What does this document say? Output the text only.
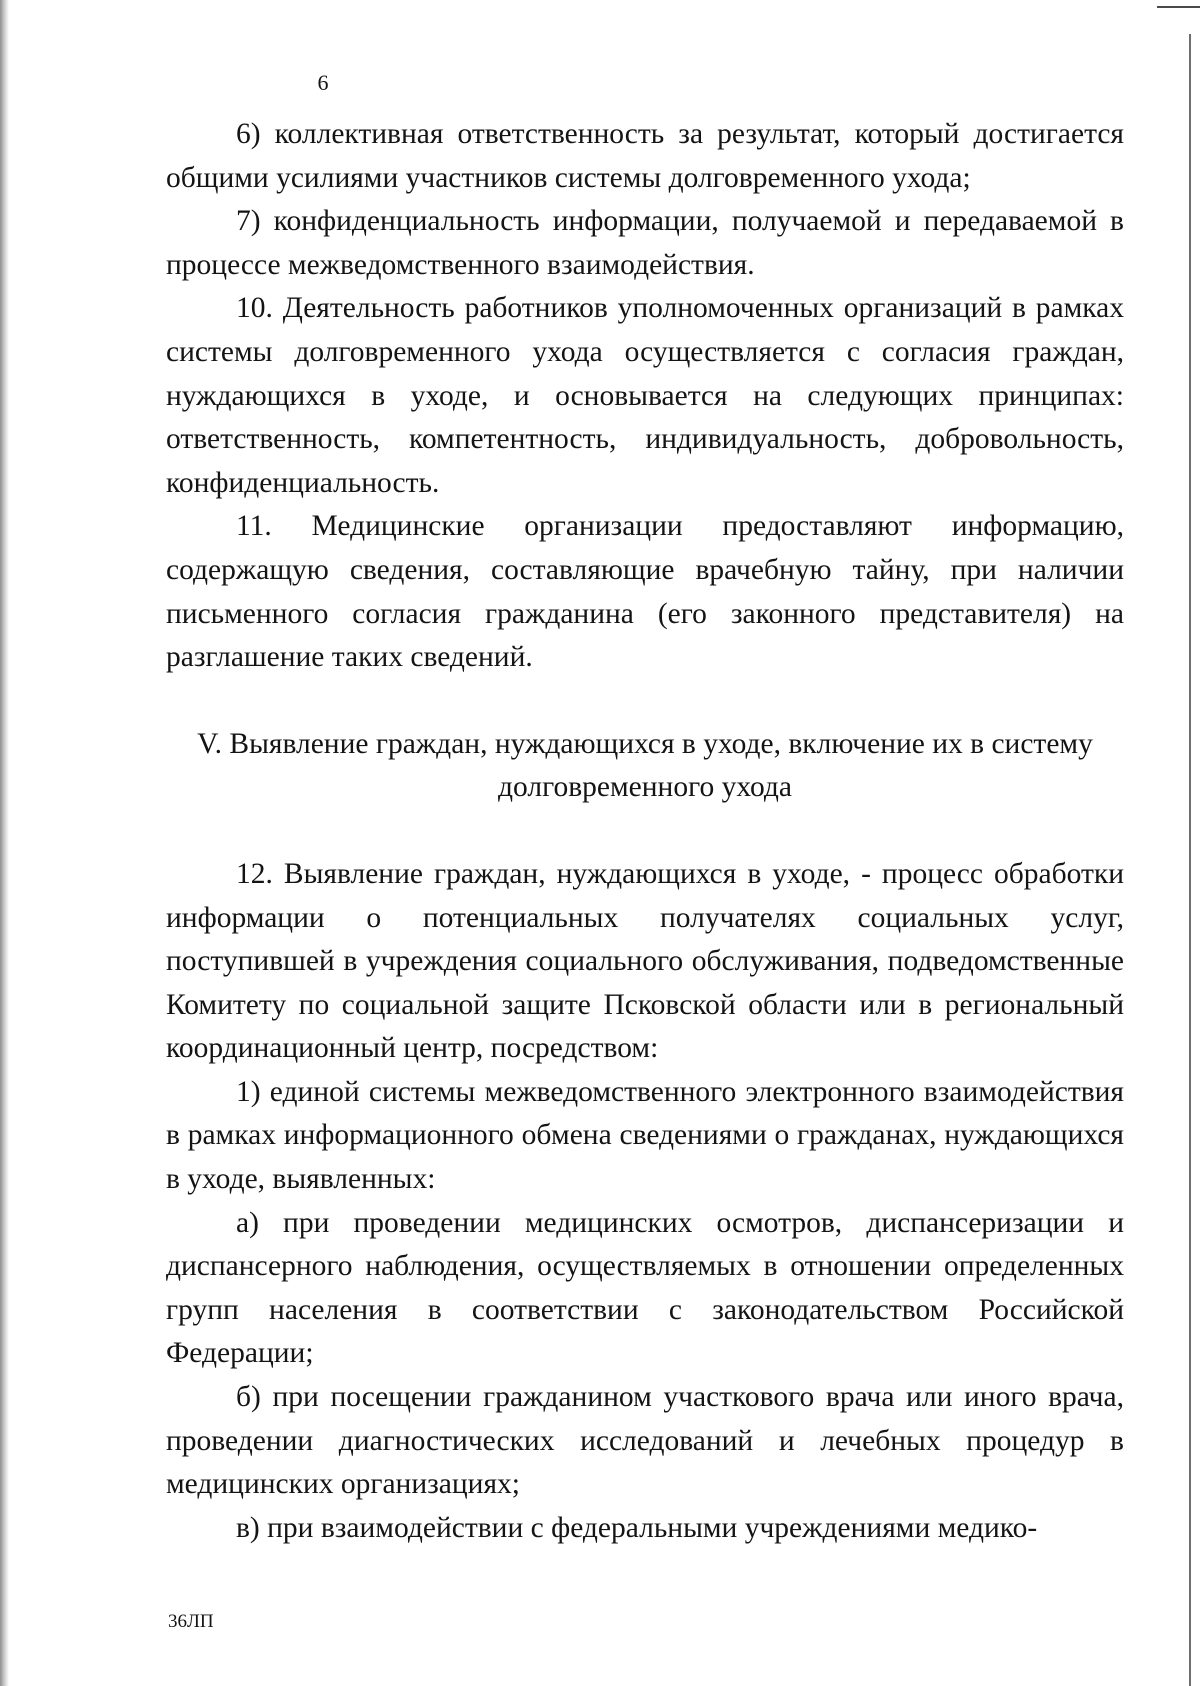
6

6) коллективная ответственность за результат, который достигается общими усилиями участников системы долговременного ухода;

7) конфиденциальность информации, получаемой и передаваемой в процессе межведомственного взаимодействия.

10. Деятельность работников уполномоченных организаций в рамках системы долговременного ухода осуществляется с согласия граждан, нуждающихся в уходе, и основывается на следующих принципах: ответственность, компетентность, индивидуальность, добровольность, конфиденциальность.

11. Медицинские организации предоставляют информацию, содержащую сведения, составляющие врачебную тайну, при наличии письменного согласия гражданина (его законного представителя) на разглашение таких сведений.

V. Выявление граждан, нуждающихся в уходе, включение их в систему долговременного ухода

12. Выявление граждан, нуждающихся в уходе, - процесс обработки информации о потенциальных получателях социальных услуг, поступившей в учреждения социального обслуживания, подведомственные Комитету по социальной защите Псковской области или в региональный координационный центр, посредством:

1) единой системы межведомственного электронного взаимодействия в рамках информационного обмена сведениями о гражданах, нуждающихся в уходе, выявленных:

а) при проведении медицинских осмотров, диспансеризации и диспансерного наблюдения, осуществляемых в отношении определенных групп населения в соответствии с законодательством Российской Федерации;

б) при посещении гражданином участкового врача или иного врача, проведении диагностических исследований и лечебных процедур в медицинских организациях;

в) при взаимодействии с федеральными учреждениями медико-

36ЛП
